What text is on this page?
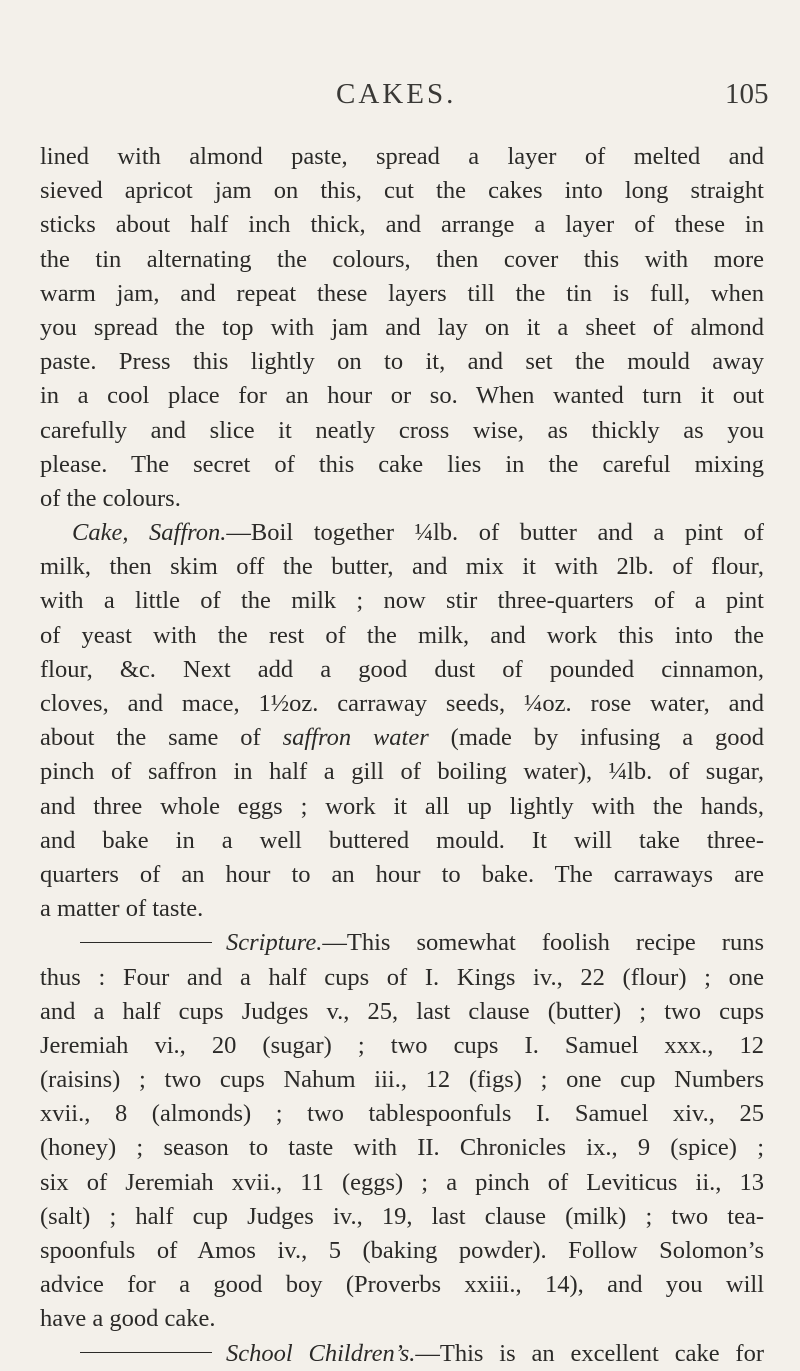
CAKES.	105
lined with almond paste, spread a layer of melted and
sieved apricot jam on this, cut the cakes into long straight
sticks about half inch thick, and arrange a layer of these in
the tin alternating the colours, then cover this with more
warm jam, and repeat these layers till the tin is full, when
you spread the top with jam and lay on it a sheet of almond
paste. Press this lightly on to it, and set the mould away
in a cool place for an hour or so. When wanted turn it out
carefully and slice it neatly cross wise, as thickly as you
please. The secret of this cake lies in the careful mixing
of the colours.
Cake, Saffron.—Boil together ¼lb. of butter and a pint of
milk, then skim off the butter, and mix it with 2lb. of flour,
with a little of the milk ; now stir three-quarters of a pint
of yeast with the rest of the milk, and work this into the
flour, &c. Next add a good dust of pounded cinnamon,
cloves, and mace, 1½oz. carraway seeds, ¼oz. rose water, and
about the same of saffron water (made by infusing a good
pinch of saffron in half a gill of boiling water), ¼lb. of sugar,
and three whole eggs ; work it all up lightly with the hands,
and bake in a well buttered mould. It will take three-
quarters of an hour to an hour to bake. The carraways are
a matter of taste.
Scripture.—This somewhat foolish recipe runs
thus : Four and a half cups of I. Kings iv., 22 (flour) ; one
and a half cups Judges v., 25, last clause (butter) ; two cups
Jeremiah vi., 20 (sugar) ; two cups I. Samuel xxx., 12
(raisins) ; two cups Nahum iii., 12 (figs) ; one cup Numbers
xvii., 8 (almonds) ; two tablespoonfuls I. Samuel xiv., 25
(honey) ; season to taste with II. Chronicles ix., 9 (spice) ;
six of Jeremiah xvii., 11 (eggs) ; a pinch of Leviticus ii., 13
(salt) ; half cup Judges iv., 19, last clause (milk) ; two tea-
spoonfuls of Amos iv., 5 (baking powder). Follow Solomon’s
advice for a good boy (Proverbs xxiii., 14), and you will
have a good cake.
School Children’s.—This is an excellent cake for
